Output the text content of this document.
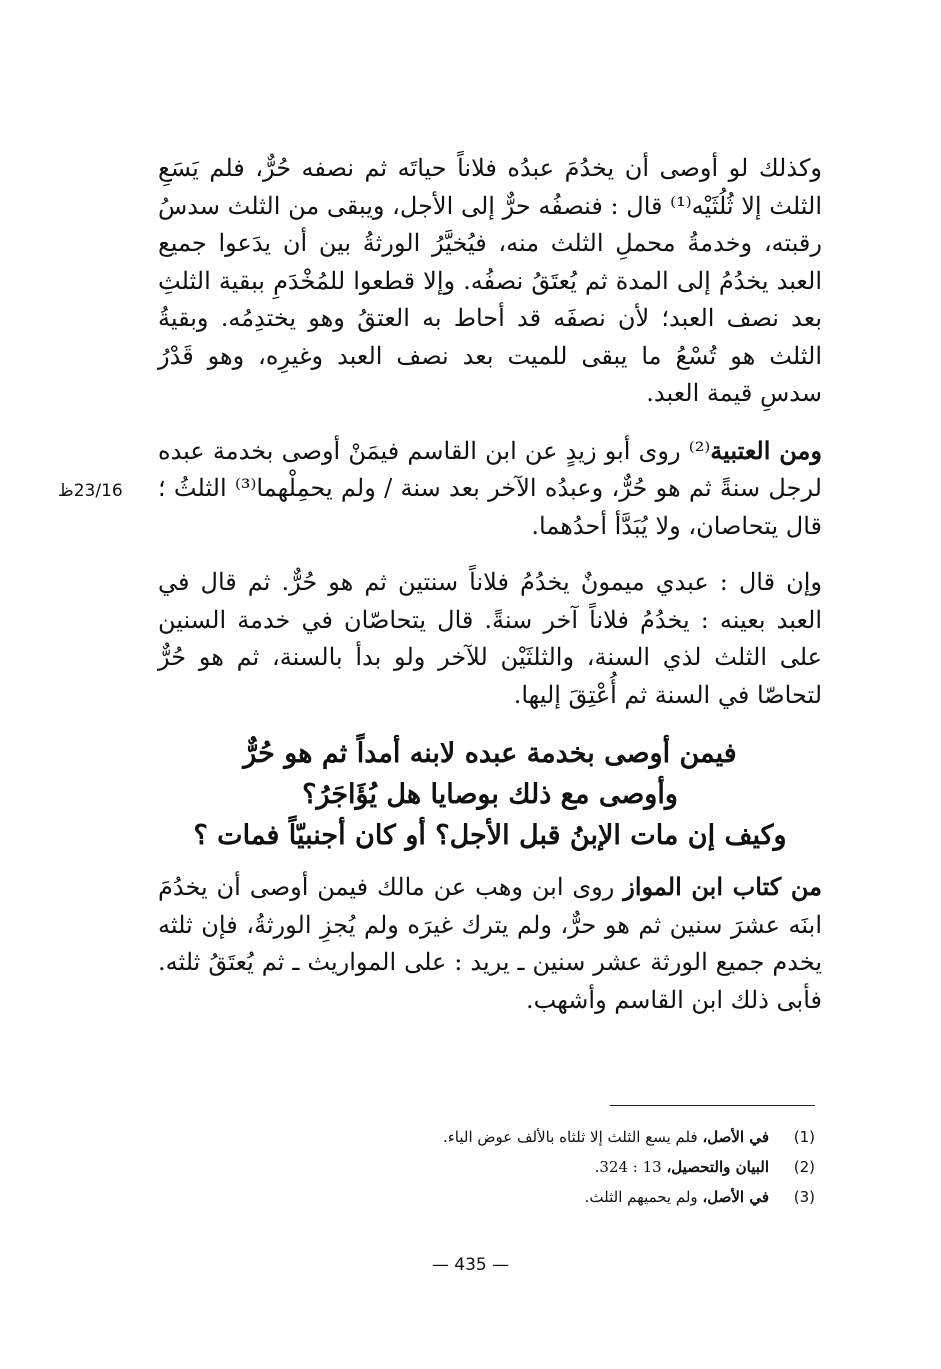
وكذلك لو أوصى أن يخدُمَ عبدُه فلاناً حياتَه ثم نصفه حُرٌّ، فلم يَسَعِ الثلث إلا ثُلُثَيْه⁽¹⁾ قال : فنصفُه حرٌّ إلى الأجل، ويبقى من الثلث سدسُ رقبته، وخدمةُ محملِ الثلث منه، فيُخيَّرُ الورثةُ بين أن يدَعوا جميع العبد يخدُمُ إلى المدة ثم يُعتَقُ نصفُه. وإلا قطعوا للمُخْدَمِ ببقية الثلثِ بعد نصف العبد؛ لأن نصفَه قد أحاط به العتقُ وهو يختدِمُه. وبقيةُ الثلث هو تُسْعُ ما يبقى للميت بعد نصف العبد وغيرِه، وهو قَدْرُ سدسِ قيمة العبد.

ومن العتبية⁽²⁾ روى أبو زيدٍ عن ابن القاسم فيمَنْ أوصى بخدمة عبده لرجل سنةً ثم هو حُرٌّ، وعبدُه الآخر بعد سنة / ولم يحمِلْهما⁽³⁾ الثلثُ ؛ قال يتحاصان، ولا يُبَدَّأ أحدُهما.

وإن قال : عبدي ميمونٌ يخدُمُ فلاناً سنتين ثم هو حُرٌّ. ثم قال في العبد بعينه : يخدُمُ فلاناً آخر سنةً. قال يتحاصّان في خدمة السنين على الثلث لذي السنة، والثلثَيْن للآخر ولو بدأ بالسنة، ثم هو حُرٌّ لتحاصّا في السنة ثم أُعْتِقَ إليها.

فيمن أوصى بخدمة عبده لابنه أمداً ثم هو حُرٌّ
وأوصى مع ذلك بوصايا هل يُؤَاجَرُ؟
وكيف إن مات الإبنُ قبل الأجل؟ أو كان أجنبيّاً فمات ؟

من كتاب ابن المواز روى ابن وهب عن مالك فيمن أوصى أن يخدُمَ ابنَه عشرَ سنين ثم هو حرٌّ، ولم يترك غيرَه ولم يُجزِ الورثةُ، فإن ثلثه يخدم جميع الورثة عشر سنين ـ يريد : على المواريث ـ ثم يُعتَقُ ثلثه. فأبى ذلك ابن القاسم وأشهب.

23/16ظ
(1)
في الأصل، فلم يسع الثلث إلا ثلثاه بالألف عوض الياء.
(2)
البيان والتحصيل، 13 : 324.
(3)
في الأصل، ولم يحميهم الثلث.
— 435 —
